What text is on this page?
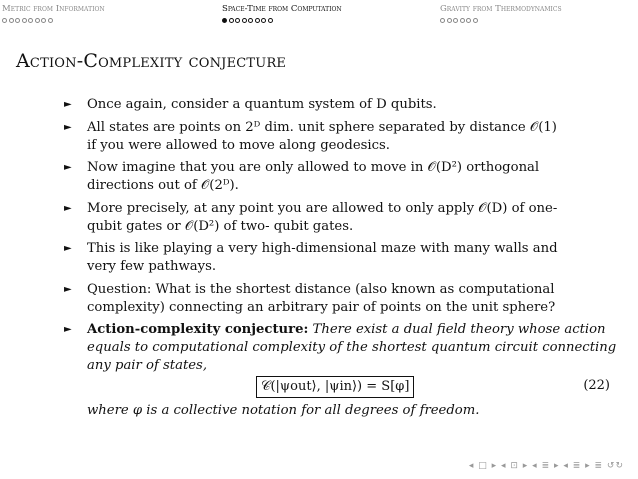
Metric from Information	Space-Time from Computation	Gravity from Thermodynamics
Action-Complexity conjecture
► Once again, consider a quantum system of D qubits.
► All states are points on 2ᴰ dim. unit sphere separated by distance 𝒪(1)
if you were allowed to move along geodesics.
► Now imagine that you are only allowed to move in 𝒪(D²) orthogonal
directions out of 𝒪(2ᴰ).
► More precisely, at any point you are allowed to only apply 𝒪(D) of one-
qubit gates or 𝒪(D²) of two- qubit gates.
► This is like playing a very high-dimensional maze with many walls and
very few pathways.
► Question: What is the shortest distance (also known as computational
complexity) connecting an arbitrary pair of points on the unit sphere?
► Action-complexity conjecture: There exist a dual field theory whose action
equals to computational complexity of the shortest quantum circuit connecting
any pair of states,
𝒞(|ψout⟩, |ψin⟩) = S[φ]	(22)
where φ is a collective notation for all degrees of freedom.
◂ □ ▸ ◂ ⊡ ▸ ◂ ≣ ▸ ◂ ≣ ▸ ≣ ↺↻
